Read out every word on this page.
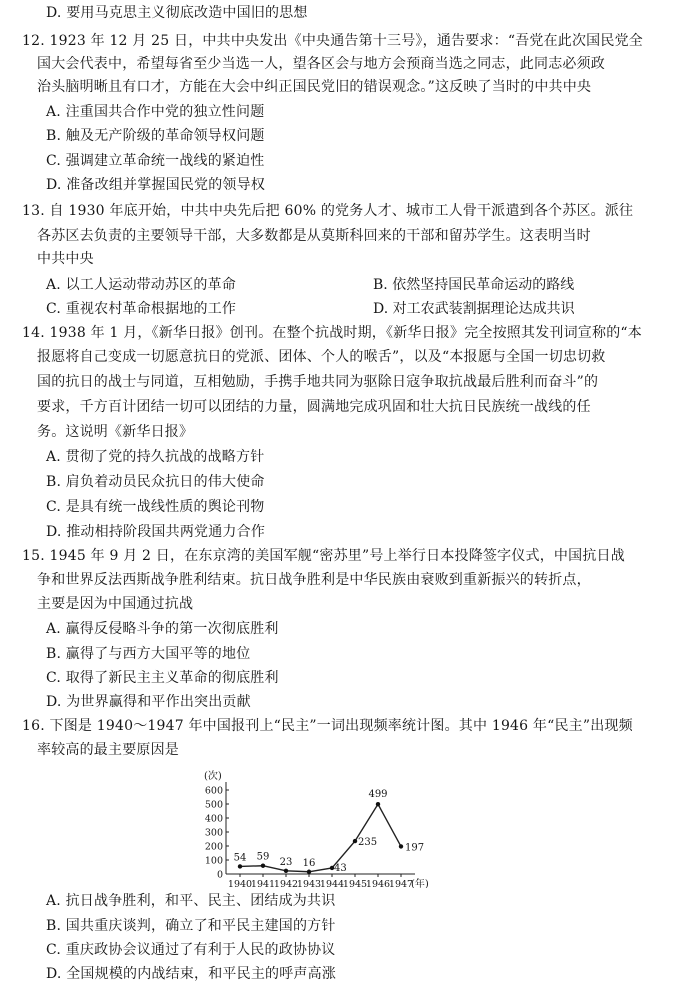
D. 要用马克思主义彻底改造中国旧的思想
12. 1923 年 12 月 25 日，中共中央发出《中央通告第十三号》，通告要求：“吾党在此次国民党全
国大会代表中，希望每省至少当选一人，望各区会与地方会预商当选之同志，此同志必须政
治头脑明晰且有口才，方能在大会中纠正国民党旧的错误观念。”这反映了当时的中共中央
A. 注重国共合作中党的独立性问题
B. 触及无产阶级的革命领导权问题
C. 强调建立革命统一战线的紧迫性
D. 准备改组并掌握国民党的领导权
13. 自 1930 年底开始，中共中央先后把 60% 的党务人才、城市工人骨干派遣到各个苏区。派往
各苏区去负责的主要领导干部，大多数都是从莫斯科回来的干部和留苏学生。这表明当时
中共中央
A. 以工人运动带动苏区的革命	B. 依然坚持国民革命运动的路线
C. 重视农村革命根据地的工作	D. 对工农武装割据理论达成共识
14. 1938 年 1 月，《新华日报》创刊。在整个抗战时期，《新华日报》完全按照其发刊词宣称的“本
报愿将自己变成一切愿意抗日的党派、团体、个人的喉舌”，以及“本报愿与全国一切忠切救
国的抗日的战士与同道，互相勉励，手携手地共同为驱除日寇争取抗战最后胜利而奋斗”的
要求，千方百计团结一切可以团结的力量，圆满地完成巩固和壮大抗日民族统一战线的任
务。这说明《新华日报》
A. 贯彻了党的持久抗战的战略方针
B. 肩负着动员民众抗日的伟大使命
C. 是具有统一战线性质的舆论刊物
D. 推动相持阶段国共两党通力合作
15. 1945 年 9 月 2 日，在东京湾的美国军舰“密苏里”号上举行日本投降签字仪式，中国抗日战
争和世界反法西斯战争胜利结束。抗日战争胜利是中华民族由衰败到重新振兴的转折点，
主要是因为中国通过抗战
A. 赢得反侵略斗争的第一次彻底胜利
B. 赢得了与西方大国平等的地位
C. 取得了新民主主义革命的彻底胜利
D. 为世界赢得和平作出突出贡献
16. 下图是 1940～1947 年中国报刊上“民主”一词出现频率统计图。其中 1946 年“民主”出现频
率较高的最主要原因是
(次)
(年)
0
100
200
300
400
500
600
1940
1941
1942
1943
1944
1945
1946
1947
54 59 23 16 43
235
499
197
A. 抗日战争胜利，和平、民主、团结成为共识
B. 国共重庆谈判，确立了和平民主建国的方针
C. 重庆政协会议通过了有利于人民的政协协议
D. 全国规模的内战结束，和平民主的呼声高涨
